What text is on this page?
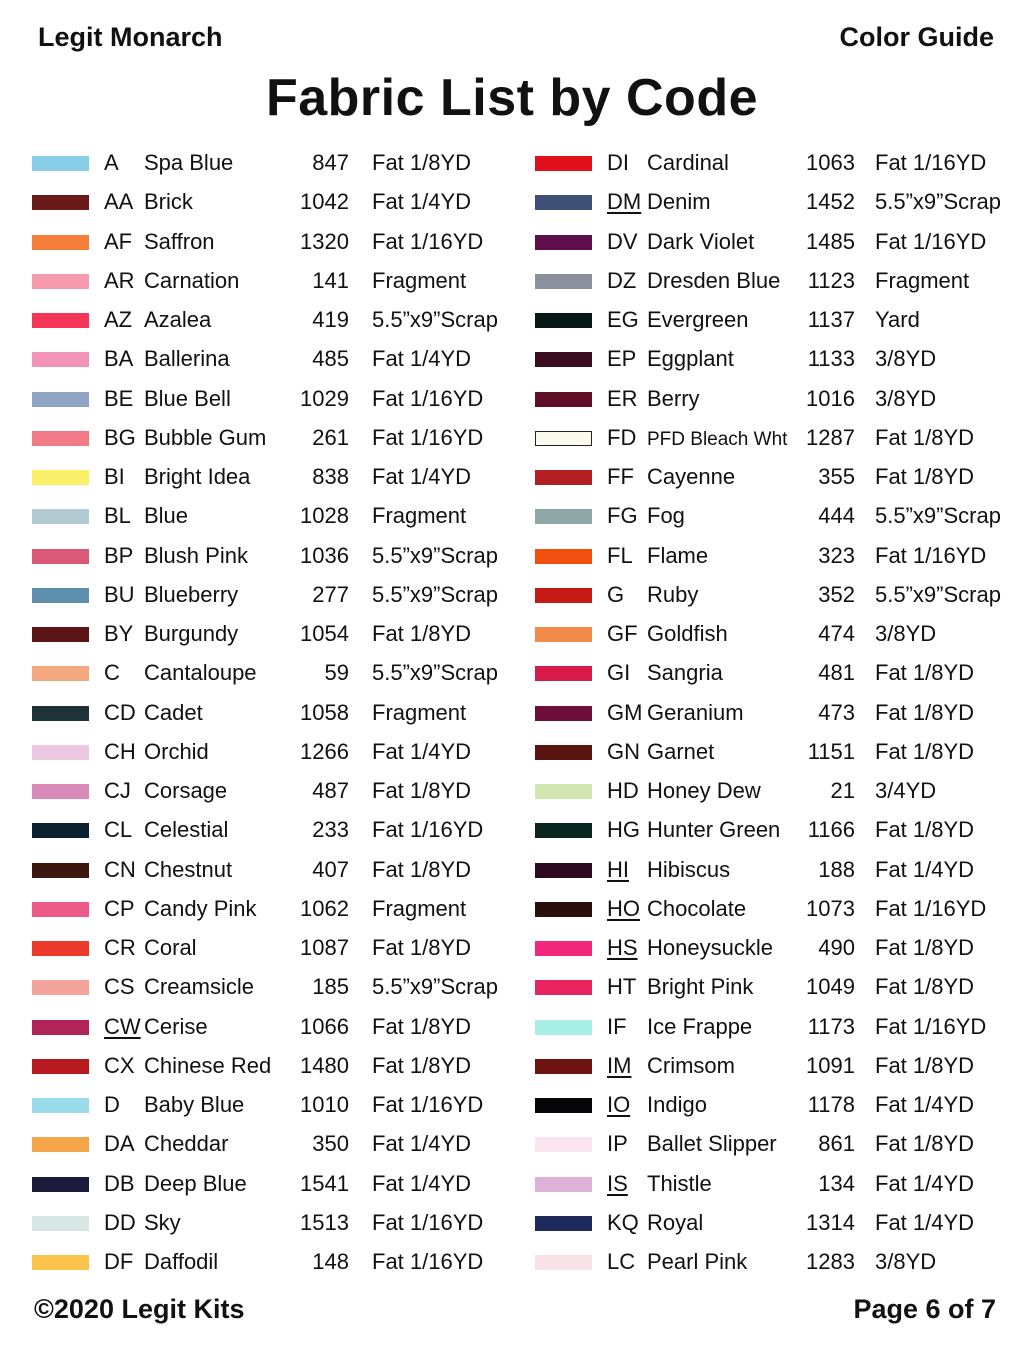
Legit Monarch	Color Guide
Fabric List by Code
A Spa Blue	847 Fat 1/8YD
AA Brick	1042 Fat 1/4YD
AF Saffron	1320 Fat 1/16YD
AR Carnation	141 Fragment
AZ Azalea	419 5.5”x9”Scrap
BA Ballerina	485 Fat 1/4YD
BE Blue Bell	1029 Fat 1/16YD
BG Bubble Gum	261 Fat 1/16YD
BI Bright Idea	838 Fat 1/4YD
BL Blue	1028 Fragment
BP Blush Pink	1036 5.5”x9”Scrap
BU Blueberry	277 5.5”x9”Scrap
BY Burgundy	1054 Fat 1/8YD
C Cantaloupe	59 5.5”x9”Scrap
CD Cadet	1058 Fragment
CH Orchid	1266 Fat 1/4YD
CJ Corsage	487 Fat 1/8YD
CL Celestial	233 Fat 1/16YD
CN Chestnut	407 Fat 1/8YD
CP Candy Pink	1062 Fragment
CR Coral	1087 Fat 1/8YD
CS Creamsicle	185 5.5”x9”Scrap
CW Cerise	1066 Fat 1/8YD
CX Chinese Red	1480 Fat 1/8YD
D Baby Blue	1010 Fat 1/16YD
DA Cheddar	350 Fat 1/4YD
DB Deep Blue	1541 Fat 1/4YD
DD Sky	1513 Fat 1/16YD
DF Daffodil	148 Fat 1/16YD
DI Cardinal	1063 Fat 1/16YD
DM Denim	1452 5.5”x9”Scrap
DV Dark Violet	1485 Fat 1/16YD
DZ Dresden Blue	1123 Fragment
EG Evergreen	1137 Yard
EP Eggplant	1133 3/8YD
ER Berry	1016 3/8YD
FD PFD Bleach Wht 1287 Fat 1/8YD
FF Cayenne	355 Fat 1/8YD
FG Fog	444 5.5”x9”Scrap
FL Flame	323 Fat 1/16YD
G Ruby	352 5.5”x9”Scrap
GF Goldfish	474 3/8YD
GI Sangria	481 Fat 1/8YD
GM Geranium	473 Fat 1/8YD
GN Garnet	1151 Fat 1/8YD
HD Honey Dew	21 3/4YD
HG Hunter Green	1166 Fat 1/8YD
HI Hibiscus	188 Fat 1/4YD
HO Chocolate	1073 Fat 1/16YD
HS Honeysuckle	490 Fat 1/8YD
HT Bright Pink	1049 Fat 1/8YD
IF Ice Frappe	1173 Fat 1/16YD
IM Crimsom	1091 Fat 1/8YD
IO Indigo	1178 Fat 1/4YD
IP Ballet Slipper	861 Fat 1/8YD
IS Thistle	134 Fat 1/4YD
KQ Royal	1314 Fat 1/4YD
LC Pearl Pink	1283 3/8YD
©2020 Legit Kits	Page 6 of 7
